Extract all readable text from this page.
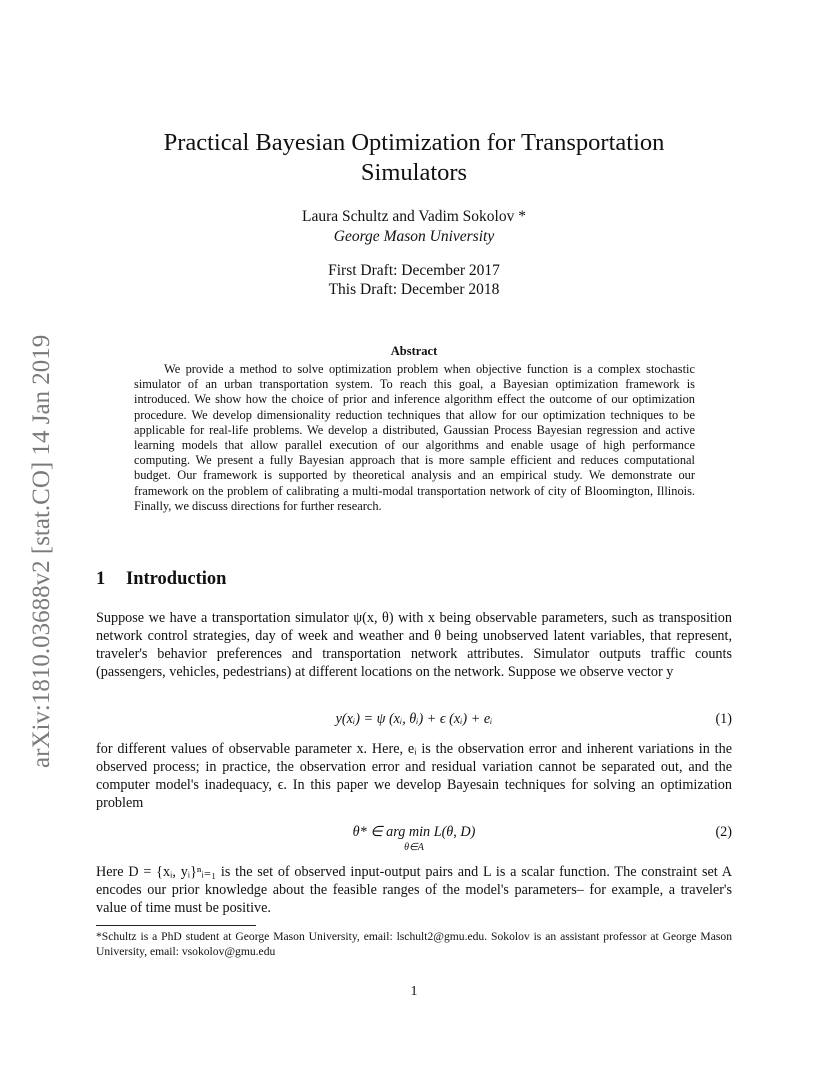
arXiv:1810.03688v2 [stat.CO] 14 Jan 2019
Practical Bayesian Optimization for Transportation Simulators
Laura Schultz and Vadim Sokolov *
George Mason University
First Draft: December 2017
This Draft: December 2018
Abstract
We provide a method to solve optimization problem when objective function is a complex stochastic simulator of an urban transportation system. To reach this goal, a Bayesian optimization framework is introduced. We show how the choice of prior and inference algorithm effect the outcome of our optimization procedure. We develop dimensionality reduction techniques that allow for our optimization techniques to be applicable for real-life problems. We develop a distributed, Gaussian Process Bayesian regression and active learning models that allow parallel execution of our algorithms and enable usage of high performance computing. We present a fully Bayesian approach that is more sample efficient and reduces computational budget. Our framework is supported by theoretical analysis and an empirical study. We demonstrate our framework on the problem of calibrating a multi-modal transportation network of city of Bloomington, Illinois. Finally, we discuss directions for further research.
1 Introduction
Suppose we have a transportation simulator ψ(x, θ) with x being observable parameters, such as transposition network control strategies, day of week and weather and θ being unobserved latent variables, that represent, traveler's behavior preferences and transportation network attributes. Simulator outputs traffic counts (passengers, vehicles, pedestrians) at different locations on the network. Suppose we observe vector y
y(xᵢ) = ψ (xᵢ, θᵢ) + ϵ (xᵢ) + eᵢ	(1)
for different values of observable parameter x. Here, eᵢ is the observation error and inherent variations in the observed process; in practice, the observation error and residual variation cannot be separated out, and the computer model's inadequacy, ϵ. In this paper we develop Bayesain techniques for solving an optimization problem
θ* ∈ arg min L(θ, D)
θ∈A
(2)
Here D = {xᵢ, yᵢ}ⁿᵢ₌₁ is the set of observed input-output pairs and L is a scalar function. The constraint set A encodes our prior knowledge about the feasible ranges of the model's parameters– for example, a traveler's value of time must be positive.
*Schultz is a PhD student at George Mason University, email: lschult2@gmu.edu. Sokolov is an assistant professor at George Mason University, email: vsokolov@gmu.edu
1
